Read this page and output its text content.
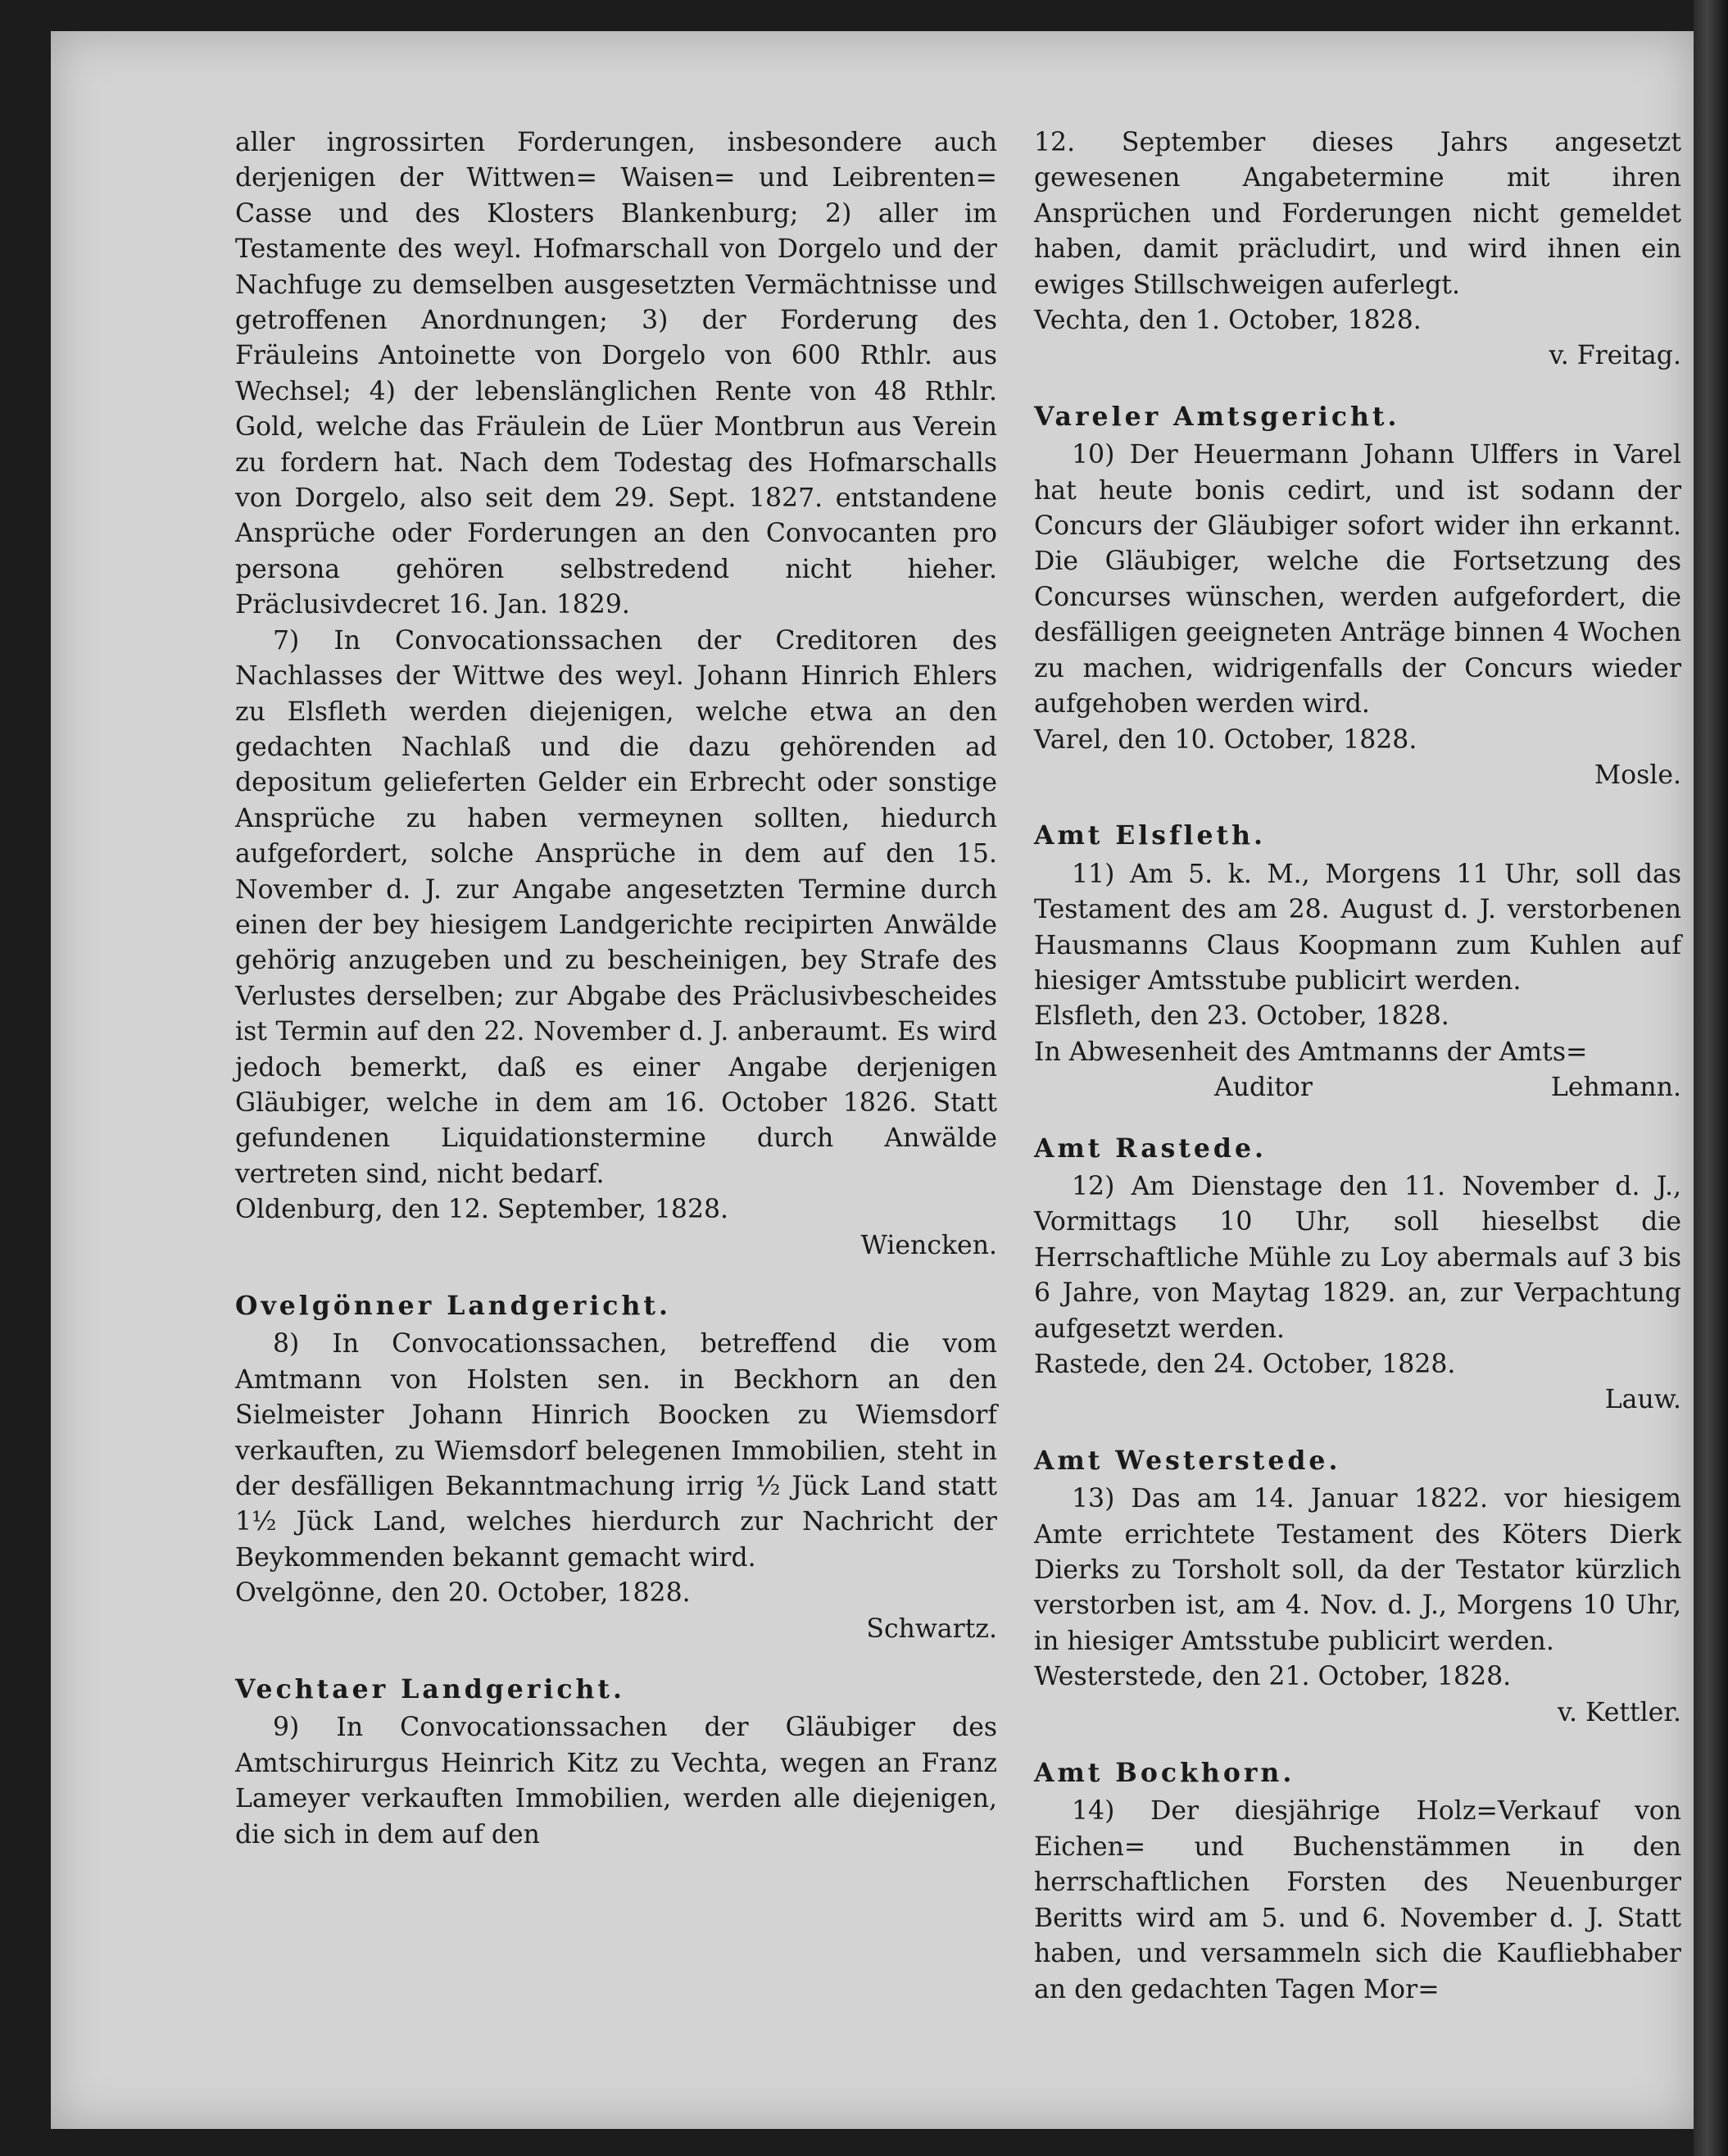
aller ingrossirten Forderungen, insbesondere auch derjenigen der Wittwen= Waisen= und Leibrenten= Casse und des Klosters Blankenburg; 2) aller im Testamente des weyl. Hofmarschall von Dorgelo und der Nachfuge zu demselben ausgesetzten Vermächtnisse und getroffenen Anordnungen; 3) der Forderung des Fräuleins Antoinette von Dorgelo von 600 Rthlr. aus Wechsel; 4) der lebenslänglichen Rente von 48 Rthlr. Gold, welche das Fräulein de Lüer Montbrun aus Verein zu fordern hat. Nach dem Todestag des Hofmarschalls von Dorgelo, also seit dem 29. Sept. 1827. entstandene Ansprüche oder Forderungen an den Convocanten pro persona gehören selbstredend nicht hieher. Präclusivdecret 16. Jan. 1829.

7) In Convocationssachen der Creditoren des Nachlasses der Wittwe des weyl. Johann Hinrich Ehlers zu Elsfleth werden diejenigen, welche etwa an den gedachten Nachlaß und die dazu gehörenden ad depositum gelieferten Gelder ein Erbrecht oder sonstige Ansprüche zu haben vermeynen sollten, hiedurch aufgefordert, solche Ansprüche in dem auf den 15. November d. J. zur Angabe angesetzten Termine durch einen der bey hiesigem Landgerichte recipirten Anwälde gehörig anzugeben und zu bescheinigen, bey Strafe des Verlustes derselben; zur Abgabe des Präclusivbescheides ist Termin auf den 22. November d. J. anberaumt. Es wird jedoch bemerkt, daß es einer Angabe derjenigen Gläubiger, welche in dem am 16. October 1826. Statt gefundenen Liquidationstermine durch Anwälde vertreten sind, nicht bedarf.

Oldenburg, den 12. September, 1828.

Wiencken.

Ovelgönner Landgericht.

8) In Convocationssachen, betreffend die vom Amtmann von Holsten sen. in Beckhorn an den Sielmeister Johann Hinrich Boocken zu Wiemsdorf verkauften, zu Wiemsdorf belegenen Immobilien, steht in der desfälligen Bekanntmachung irrig ½ Jück Land statt 1½ Jück Land, welches hierdurch zur Nachricht der Beykommenden bekannt gemacht wird.

Ovelgönne, den 20. October, 1828.

Schwartz.

Vechtaer Landgericht.

9) In Convocationssachen der Gläubiger des Amtschirurgus Heinrich Kitz zu Vechta, wegen an Franz Lameyer verkauften Immobilien, werden alle diejenigen, die sich in dem auf den

12. September dieses Jahrs angesetzt gewesenen Angabetermine mit ihren Ansprüchen und Forderungen nicht gemeldet haben, damit präcludirt, und wird ihnen ein ewiges Stillschweigen auferlegt.

Vechta, den 1. October, 1828.

v. Freitag.

Vareler Amtsgericht.

10) Der Heuermann Johann Ulffers in Varel hat heute bonis cedirt, und ist sodann der Concurs der Gläubiger sofort wider ihn erkannt. Die Gläubiger, welche die Fortsetzung des Concurses wünschen, werden aufgefordert, die desfälligen geeigneten Anträge binnen 4 Wochen zu machen, widrigenfalls der Concurs wieder aufgehoben werden wird.

Varel, den 10. October, 1828.

Mosle.

Amt Elsfleth.

11) Am 5. k. M., Morgens 11 Uhr, soll das Testament des am 28. August d. J. verstorbenen Hausmanns Claus Koopmann zum Kuhlen auf hiesiger Amtsstube publicirt werden.

Elsfleth, den 23. October, 1828.

In Abwesenheit des Amtmanns der Amts=

Auditor	Lehmann.

Amt Rastede.

12) Am Dienstage den 11. November d. J., Vormittags 10 Uhr, soll hieselbst die Herrschaftliche Mühle zu Loy abermals auf 3 bis 6 Jahre, von Maytag 1829. an, zur Verpachtung aufgesetzt werden.

Rastede, den 24. October, 1828.

Lauw.

Amt Westerstede.

13) Das am 14. Januar 1822. vor hiesigem Amte errichtete Testament des Köters Dierk Dierks zu Torsholt soll, da der Testator kürzlich verstorben ist, am 4. Nov. d. J., Morgens 10 Uhr, in hiesiger Amtsstube publicirt werden.

Westerstede, den 21. October, 1828.

v. Kettler.

Amt Bockhorn.

14) Der diesjährige Holz=Verkauf von Eichen= und Buchenstämmen in den herrschaftlichen Forsten des Neuenburger Beritts wird am 5. und 6. November d. J. Statt haben, und versammeln sich die Kaufliebhaber an den gedachten Tagen Mor=
